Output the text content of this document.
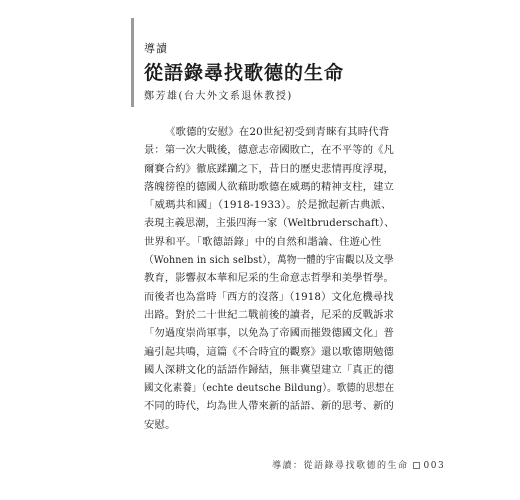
導讀
從語錄尋找歌德的生命
鄭芳雄(台大外文系退休教授)
《歌德的安慰》在20世紀初受到青睞有其時代背
景：第一次大戰後，德意志帝國敗亡，在不平等的《凡
爾賽合約》徹底蹂躪之下，昔日的歷史悲情再度浮現，
落魄徬徨的德國人欲藉助歌德在威瑪的精神支柱，建立
「威瑪共和國」（1918-1933）。於是掀起新古典派、
表現主義思潮，主張四海一家（Weltbruderschaft）、
世界和平。「歌德語錄」中的自然和諧論、住遊心性
（Wohnen in sich selbst），萬物一體的宇宙觀以及文學
教育，影響叔本華和尼采的生命意志哲學和美學哲學。
而後者也為當時「西方的沒落」（1918）文化危機尋找
出路。對於二十世紀二戰前後的讀者，尼采的反戰訴求
「勿過度崇尚軍事，以免為了帝國而摧毀德國文化」普
遍引起共鳴，這篇《不合時宜的觀察》還以歌德期勉德
國人深耕文化的話語作歸結，無非冀望建立「真正的德
國文化素養」（echte deutsche Bildung）。歌德的思想在
不同的時代，均為世人帶來新的話語、新的思考、新的
安慰。
導讀：從語錄尋找歌德的生命 003
